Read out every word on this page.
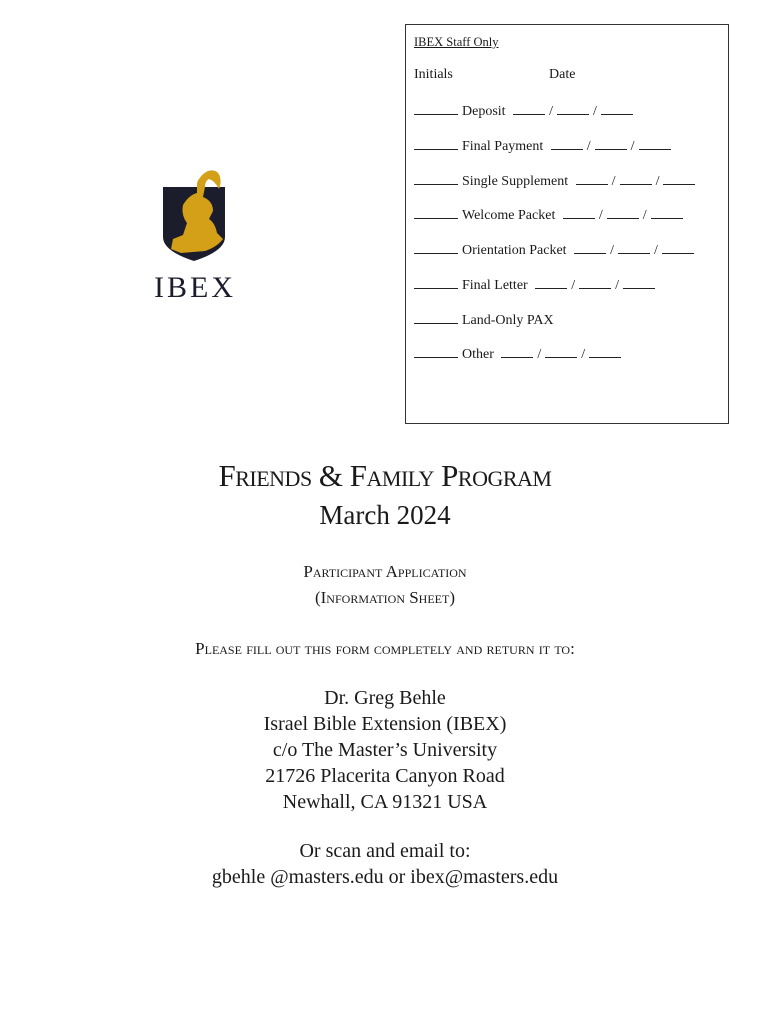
IBEX
IBEX Staff Only
Initials	Date
Deposit	/	/
Final Payment	/	/
Single Supplement	/	/
Welcome Packet	/	/
Orientation Packet	/	/
Final Letter	/	/
Land-Only PAX
Other	/	/
Friends & Family Program
March 2024
Participant Application
(Information Sheet)
Please fill out this form completely and return it to:
Dr. Greg Behle
Israel Bible Extension (IBEX)
c/o The Master’s University
21726 Placerita Canyon Road
Newhall, CA 91321 USA
Or scan and email to:
gbehle @masters.edu or ibex@masters.edu
